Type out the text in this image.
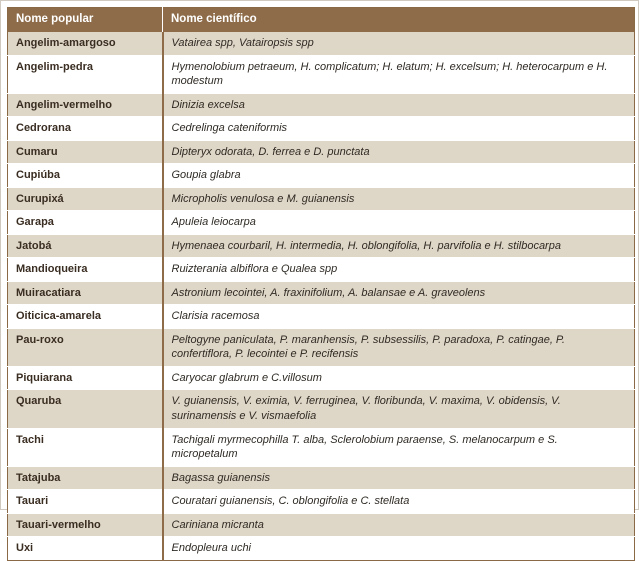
Nome popular	Nome científico
Angelim-amargoso	Vatairea spp, Vatairopsis spp
Angelim-pedra	Hymenolobium petraeum, H. complicatum; H. elatum; H. excelsum; H. heterocarpum e H. modestum
Angelim-vermelho	Dinizia excelsa
Cedrorana	Cedrelinga cateniformis
Cumaru	Dipteryx odorata, D. ferrea e D. punctata
Cupiúba	Goupia glabra
Curupixá	Micropholis venulosa e M. guianensis
Garapa	Apuleia leiocarpa
Jatobá	Hymenaea courbaril, H. intermedia, H. oblongifolia, H. parvifolia e H. stilbocarpa
Mandioqueira	Ruizterania albiflora e Qualea spp
Muiracatiara	Astronium lecointei, A. fraxinifolium, A. balansae e A. graveolens
Oiticica-amarela	Clarisia racemosa
Pau-roxo	Peltogyne paniculata, P. maranhensis, P. subsessilis, P. paradoxa, P. catingae, P. confertiflora, P. lecointei e P. recifensis
Piquiarana	Caryocar glabrum e C.villosum
Quaruba	V. guianensis, V. eximia, V. ferruginea, V. floribunda, V. maxima, V. obidensis, V. surinamensis e V. vismaefolia
Tachi	Tachigali myrmecophilla T. alba, Sclerolobium paraense, S. melanocarpum e S. micropetalum
Tatajuba	Bagassa guianensis
Tauari	Couratari guianensis, C. oblongifolia e C. stellata
Tauari-vermelho	Cariniana micranta
Uxi	Endopleura uchi
